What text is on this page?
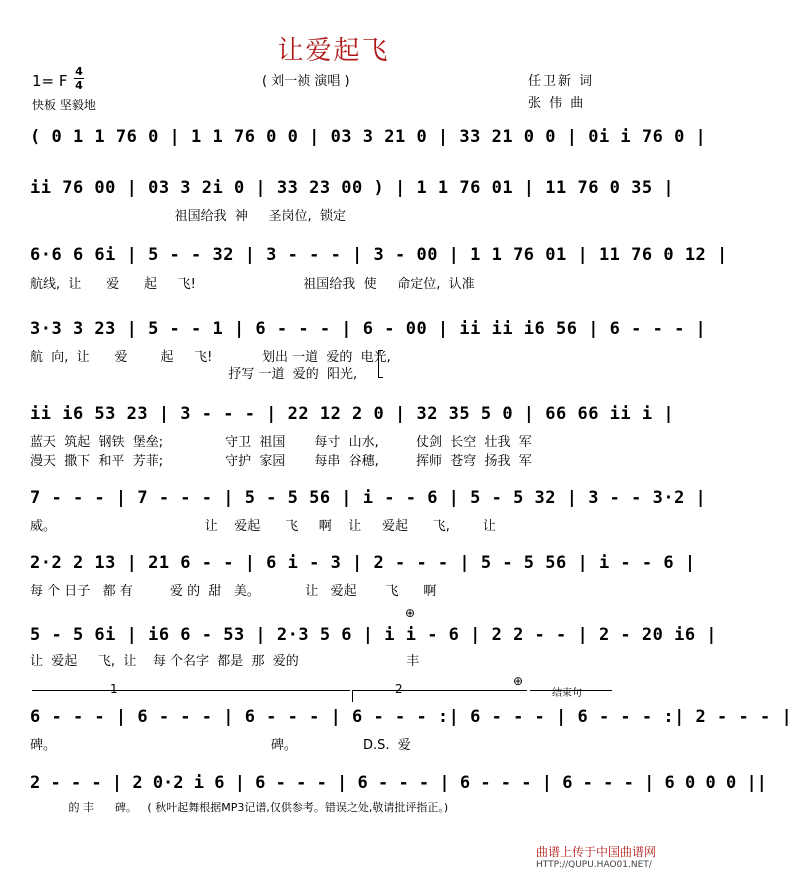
让爱起飞
1= F
4
4
快板 坚毅地
( 刘一祯 演唱 )	任卫新 词
张 伟 曲
( 0 1 1 76 0 | 1 1 76 0 0 | 03 3 21 0 | 33 21 0 0 | 0i i 76 0 |
ii 76 00 | 03 3 2i 0 | 33 23 00 ) | 1 1 76 01 | 11 76 0 35 |
祖国给我  神     圣岗位,  锁定
6·6 6 6i | 5 - - 32 | 3 - - - | 3 - 00 | 1 1 76 01 | 11 76 0 12 |
航线,  让      爱      起     飞!                          祖国给我  使     命定位,  认准
3·3 3 23 | 5 - - 1 | 6 - - - | 6 - 00 | ii ii i6 56 | 6 - - - |
航  向,  让      爱        起     飞!            划出 一道  爱的  电光,
抒写 一道  爱的  阳光,
ii i6 53 23 | 3 - - - | 22 12 2 0 | 32 35 5 0 | 66 66 ii i |
蓝天  筑起  钢铁  堡垒;               守卫  祖国       每寸  山水,         仗剑  长空  壮我  军
漫天  撒下  和平  芳菲;               守护  家园       每串  谷穗,         挥师  苍穹  扬我  军
7 - - - | 7 - - - | 5 - 5 56 | i - - 6 | 5 - 5 32 | 3 - - 3·2 |
威。                                    让    爱起      飞     啊    让     爱起      飞,        让
2·2 2 13 | 21 6 - - | 6 i - 3 | 2 - - - | 5 - 5 56 | i - - 6 |
每 个 日子   都 有         爱 的  甜   美。           让   爱起       飞      啊
5 - 5 6i | i6 6 - 53 | 2·3 5 6 | i i - 6 | 2 2 - - | 2 - 20 i6 |
让  爱起     飞,  让    每 个名字  都是  那  爱的                          丰
⊕
1	2
⊕
结束句
6 - - - | 6 - - - | 6 - - - | 6 - - - :| 6 - - - | 6 - - - :| 2 - - - |
碑。                                                    碑。                D.S.  爱
2 - - - | 2 0·2 i 6 | 6 - - - | 6 - - - | 6 - - - | 6 - - - | 6 0 0 0 ||
的 丰      碑。   ( 秋叶起舞根据MP3记谱,仅供参考。错误之处,敬请批评指正。)
曲谱上传于中国曲谱网
HTTP://QUPU.HAO01.NET/
